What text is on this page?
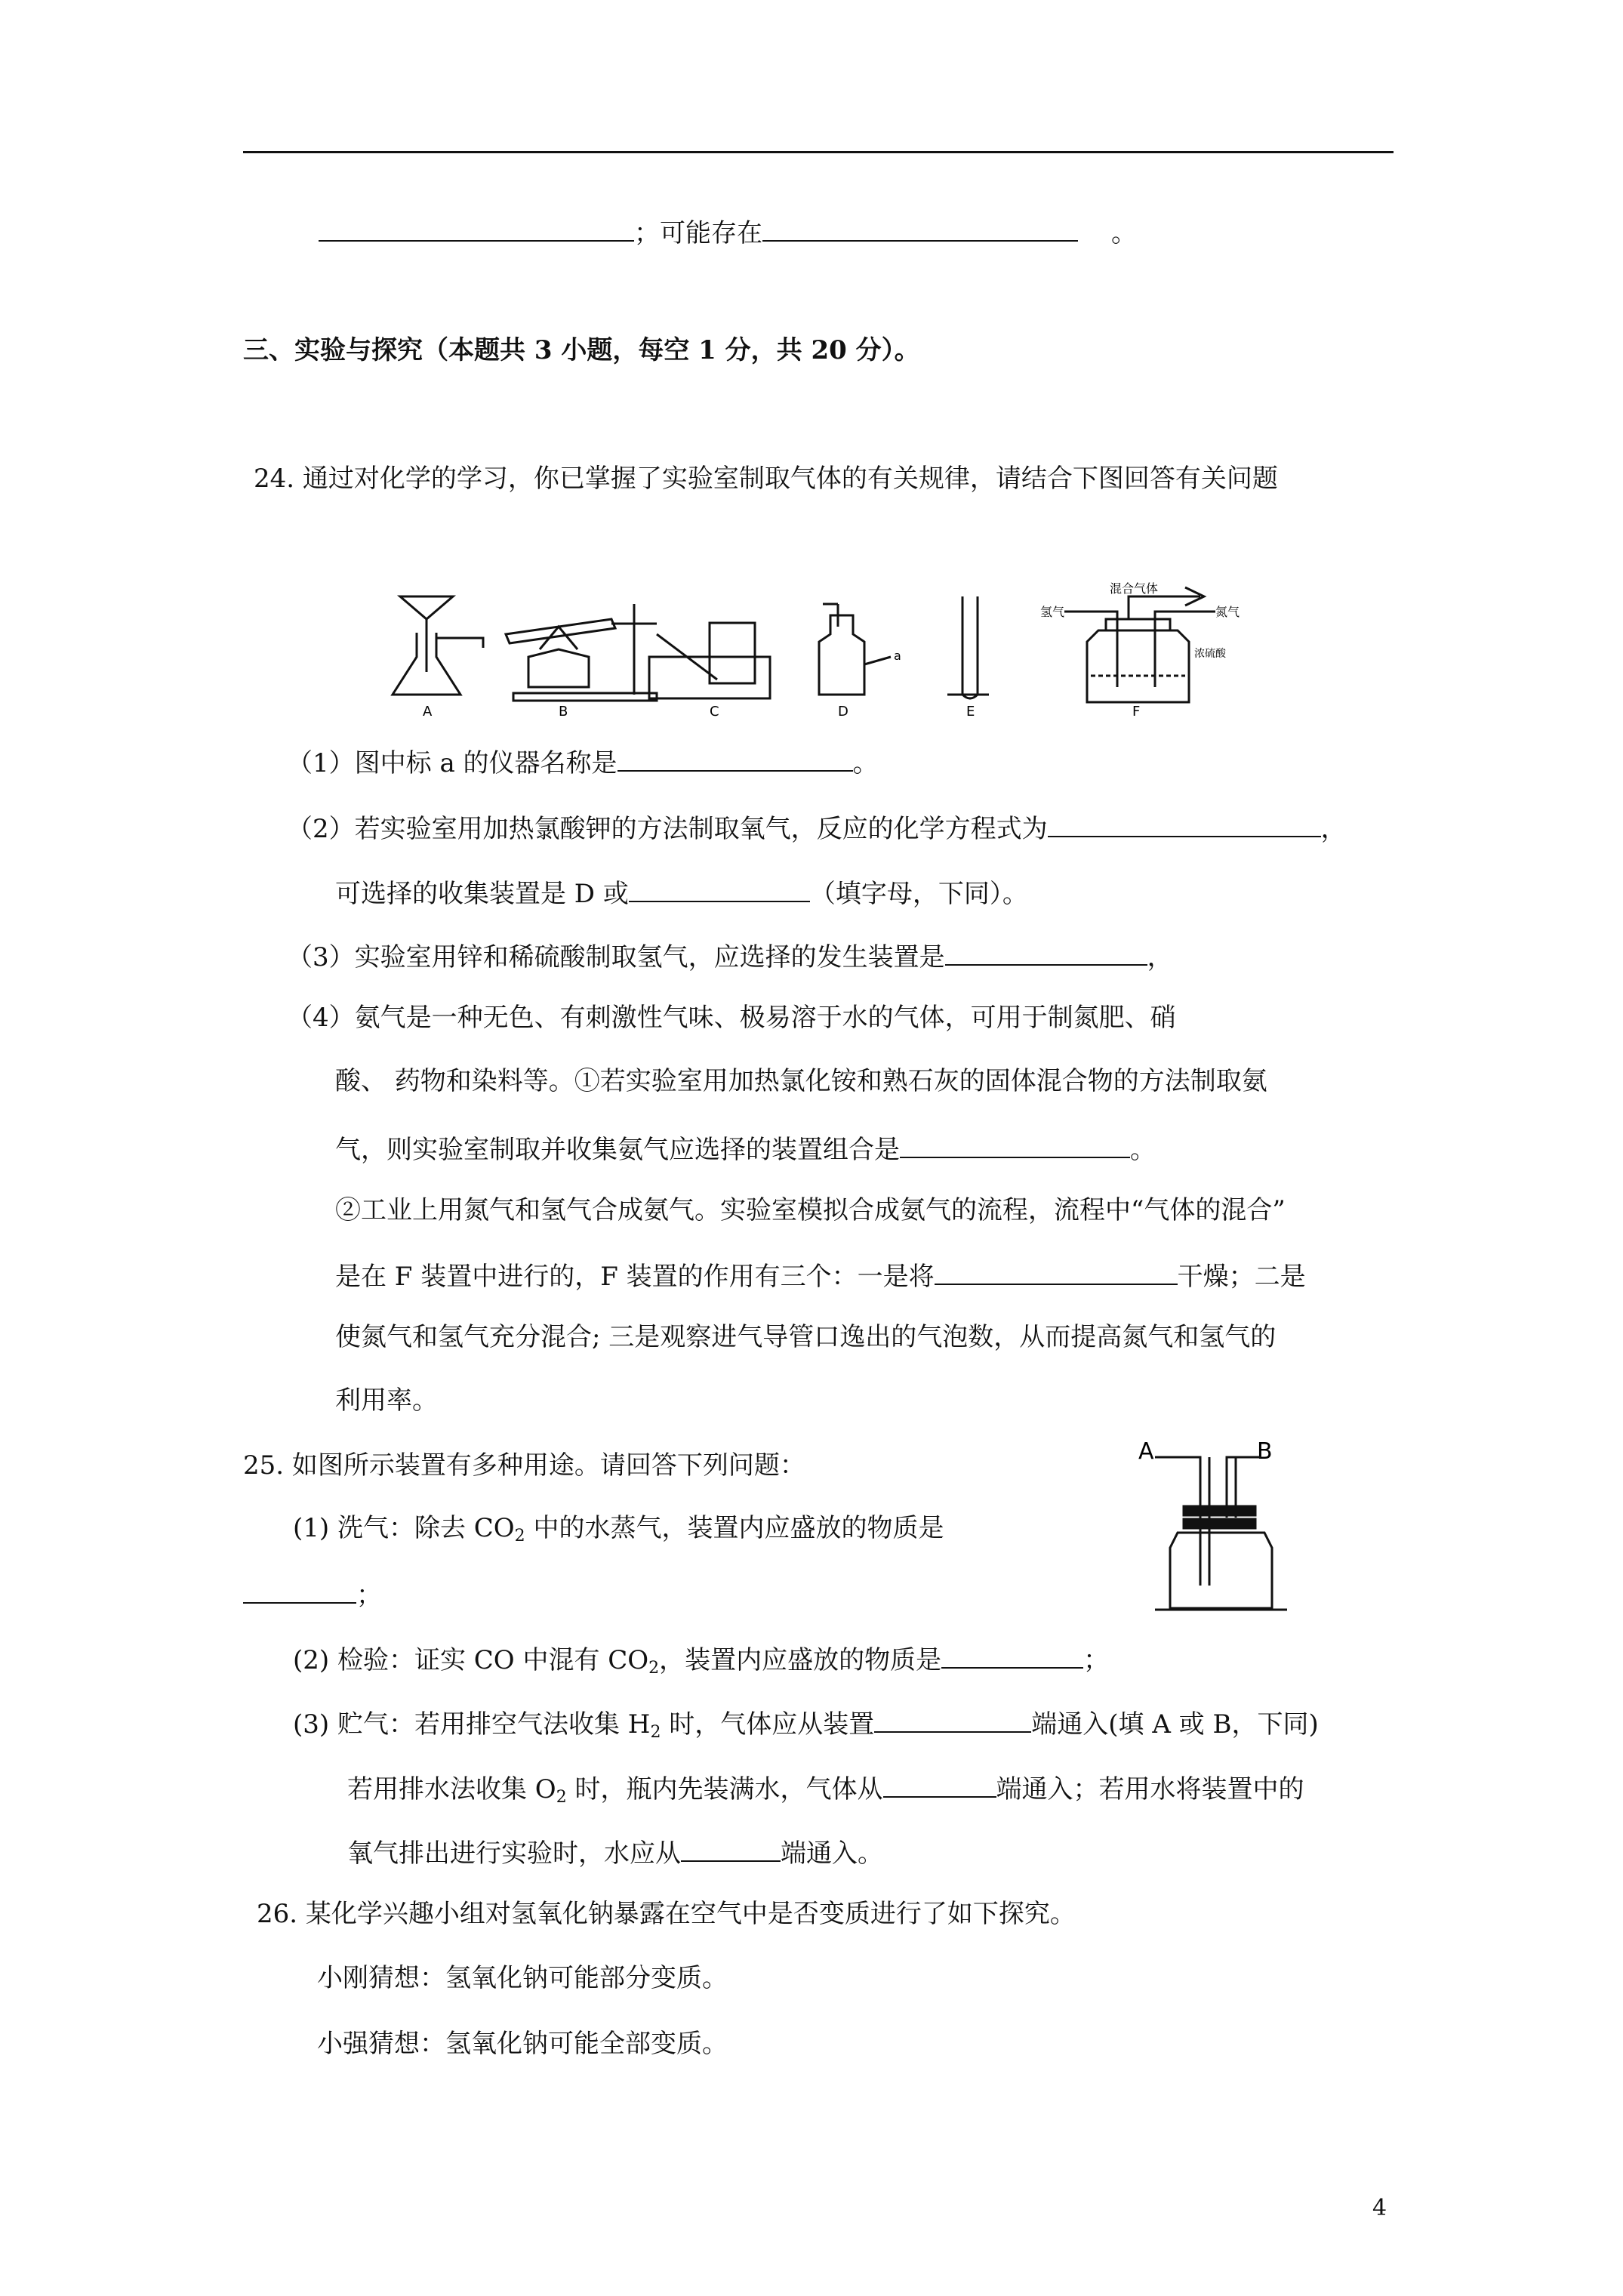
；可能存在	。
三、实验与探究（本题共 3 小题，每空 1 分，共 20 分）。
24. 通过对化学的学习，你已掌握了实验室制取气体的有关规律，请结合下图回答有关问题
A	B	C	D	E	F
a
混合气体
氢气	氮气
浓硫酸
（1）图中标 a 的仪器名称是	。
（2）若实验室用加热氯酸钾的方法制取氧气，反应的化学方程式为	，
可选择的收集装置是 D 或	（填字母，下同）。
（3）实验室用锌和稀硫酸制取氢气，应选择的发生装置是	，
（4）氨气是一种无色、有刺激性气味、极易溶于水的气体，可用于制氮肥、硝
酸、 药物和染料等。①若实验室用加热氯化铵和熟石灰的固体混合物的方法制取氨
气，则实验室制取并收集氨气应选择的装置组合是	。
②工业上用氮气和氢气合成氨气。实验室模拟合成氨气的流程，流程中“气体的混合”
是在 F 装置中进行的，F 装置的作用有三个：一是将	干燥；二是
使氮气和氢气充分混合; 三是观察进气导管口逸出的气泡数，从而提高氮气和氢气的
利用率。
25. 如图所示装置有多种用途。请回答下列问题：	A	B
(1) 洗气：除去 $CO_2$ 中的水蒸气，装置内应盛放的物质是
；
(2) 检验：证实 CO 中混有 $CO_2$，装置内应盛放的物质是	；
(3) 贮气：若用排空气法收集 $H_2$ 时，气体应从装置	端通入(填 A 或 B，下同)
若用排水法收集 $O_2$ 时，瓶内先装满水，气体从	端通入；若用水将装置中的
氧气排出进行实验时，水应从	端通入。
26. 某化学兴趣小组对氢氧化钠暴露在空气中是否变质进行了如下探究。
小刚猜想：氢氧化钠可能部分变质。
小强猜想：氢氧化钠可能全部变质。
4
